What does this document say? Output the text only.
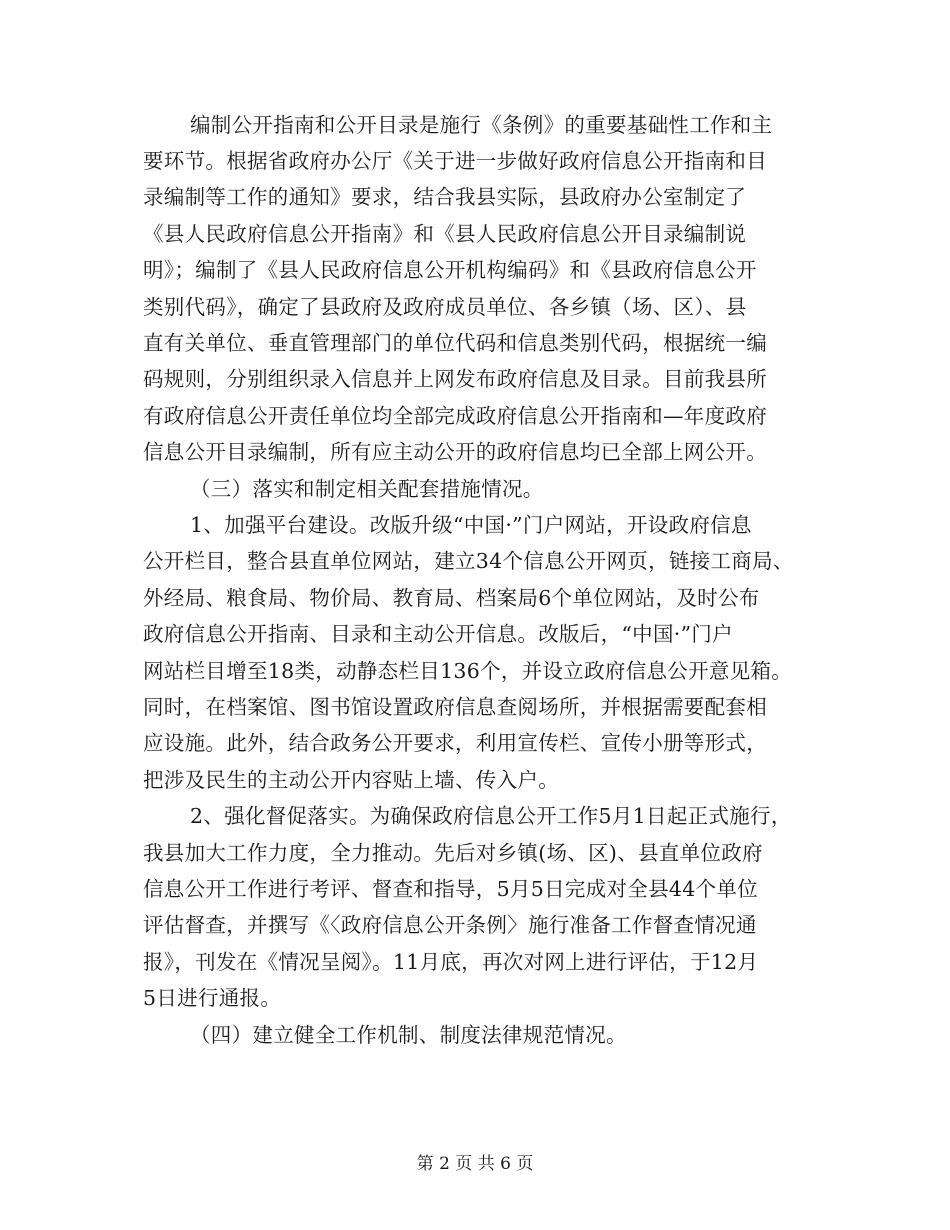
编制公开指南和公开目录是施行《条例》的重要基础性工作和主
要环节。根据省政府办公厅《关于进一步做好政府信息公开指南和目
录编制等工作的通知》要求，结合我县实际，县政府办公室制定了
《县人民政府信息公开指南》和《县人民政府信息公开目录编制说
明》；编制了《县人民政府信息公开机构编码》和《县政府信息公开
类别代码》，确定了县政府及政府成员单位、各乡镇（场、区）、县
直有关单位、垂直管理部门的单位代码和信息类别代码，根据统一编
码规则，分别组织录入信息并上网发布政府信息及目录。目前我县所
有政府信息公开责任单位均全部完成政府信息公开指南和—年度政府
信息公开目录编制，所有应主动公开的政府信息均已全部上网公开。
（三）落实和制定相关配套措施情况。
1、加强平台建设。改版升级“中国·”门户网站，开设政府信息
公开栏目，整合县直单位网站，建立34个信息公开网页，链接工商局、
外经局、粮食局、物价局、教育局、档案局6个单位网站，及时公布
政府信息公开指南、目录和主动公开信息。改版后，“中国·”门户
网站栏目增至18类，动静态栏目136个，并设立政府信息公开意见箱。
同时，在档案馆、图书馆设置政府信息查阅场所，并根据需要配套相
应设施。此外，结合政务公开要求，利用宣传栏、宣传小册等形式，
把涉及民生的主动公开内容贴上墙、传入户。
2、强化督促落实。为确保政府信息公开工作5月1日起正式施行，
我县加大工作力度，全力推动。先后对乡镇(场、区)、县直单位政府
信息公开工作进行考评、督查和指导，5月5日完成对全县44个单位
评估督查，并撰写《〈政府信息公开条例〉施行准备工作督查情况通
报》，刊发在《情况呈阅》。11月底，再次对网上进行评估，于12月
5日进行通报。
（四）建立健全工作机制、制度法律规范情况。
第 2 页 共 6 页
